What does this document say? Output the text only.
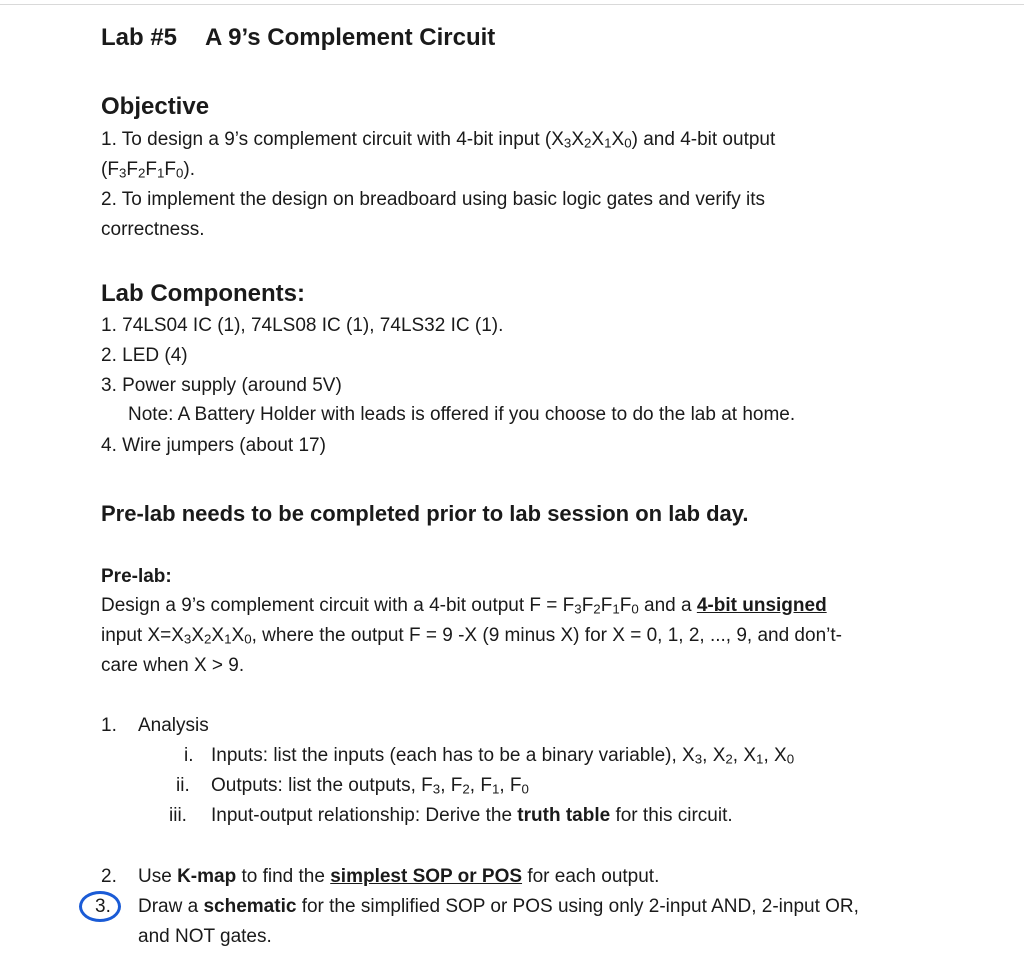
Lab #5 A 9’s Complement Circuit
Objective
1. To design a 9’s complement circuit with 4-bit input $(X_3X_2X_1X_0)$ and 4-bit output
$(F_3F_2F_1F_0)$.
2. To implement the design on breadboard using basic logic gates and verify its
correctness.
Lab Components:
1. 74LS04 IC (1), 74LS08 IC (1), 74LS32 IC (1).
2. LED (4)
3. Power supply (around 5V)
Note: A Battery Holder with leads is offered if you choose to do the lab at home.
4. Wire jumpers (about 17)
Pre-lab needs to be completed prior to lab session on lab day.
Pre-lab:
Design a 9’s complement circuit with a 4-bit output $F = F_3F_2F_1F_0$ and a 4-bit unsigned
input $X=X_3X_2X_1X_0$, where the output F = 9 -X (9 minus X) for X = 0, 1, 2, ..., 9, and don’t-
care when X > 9.
1. Analysis
i. Inputs: list the inputs (each has to be a binary variable), $X_3$, $X_2$, $X_1$, $X_0$
ii. Outputs: list the outputs, $F_3$, $F_2$, $F_1$, $F_0$
iii. Input-output relationship: Derive the truth table for this circuit.
2. Use K-map to find the simplest SOP or POS for each output.
3. Draw a schematic for the simplified SOP or POS using only 2-input AND, 2-input OR,
and NOT gates.
